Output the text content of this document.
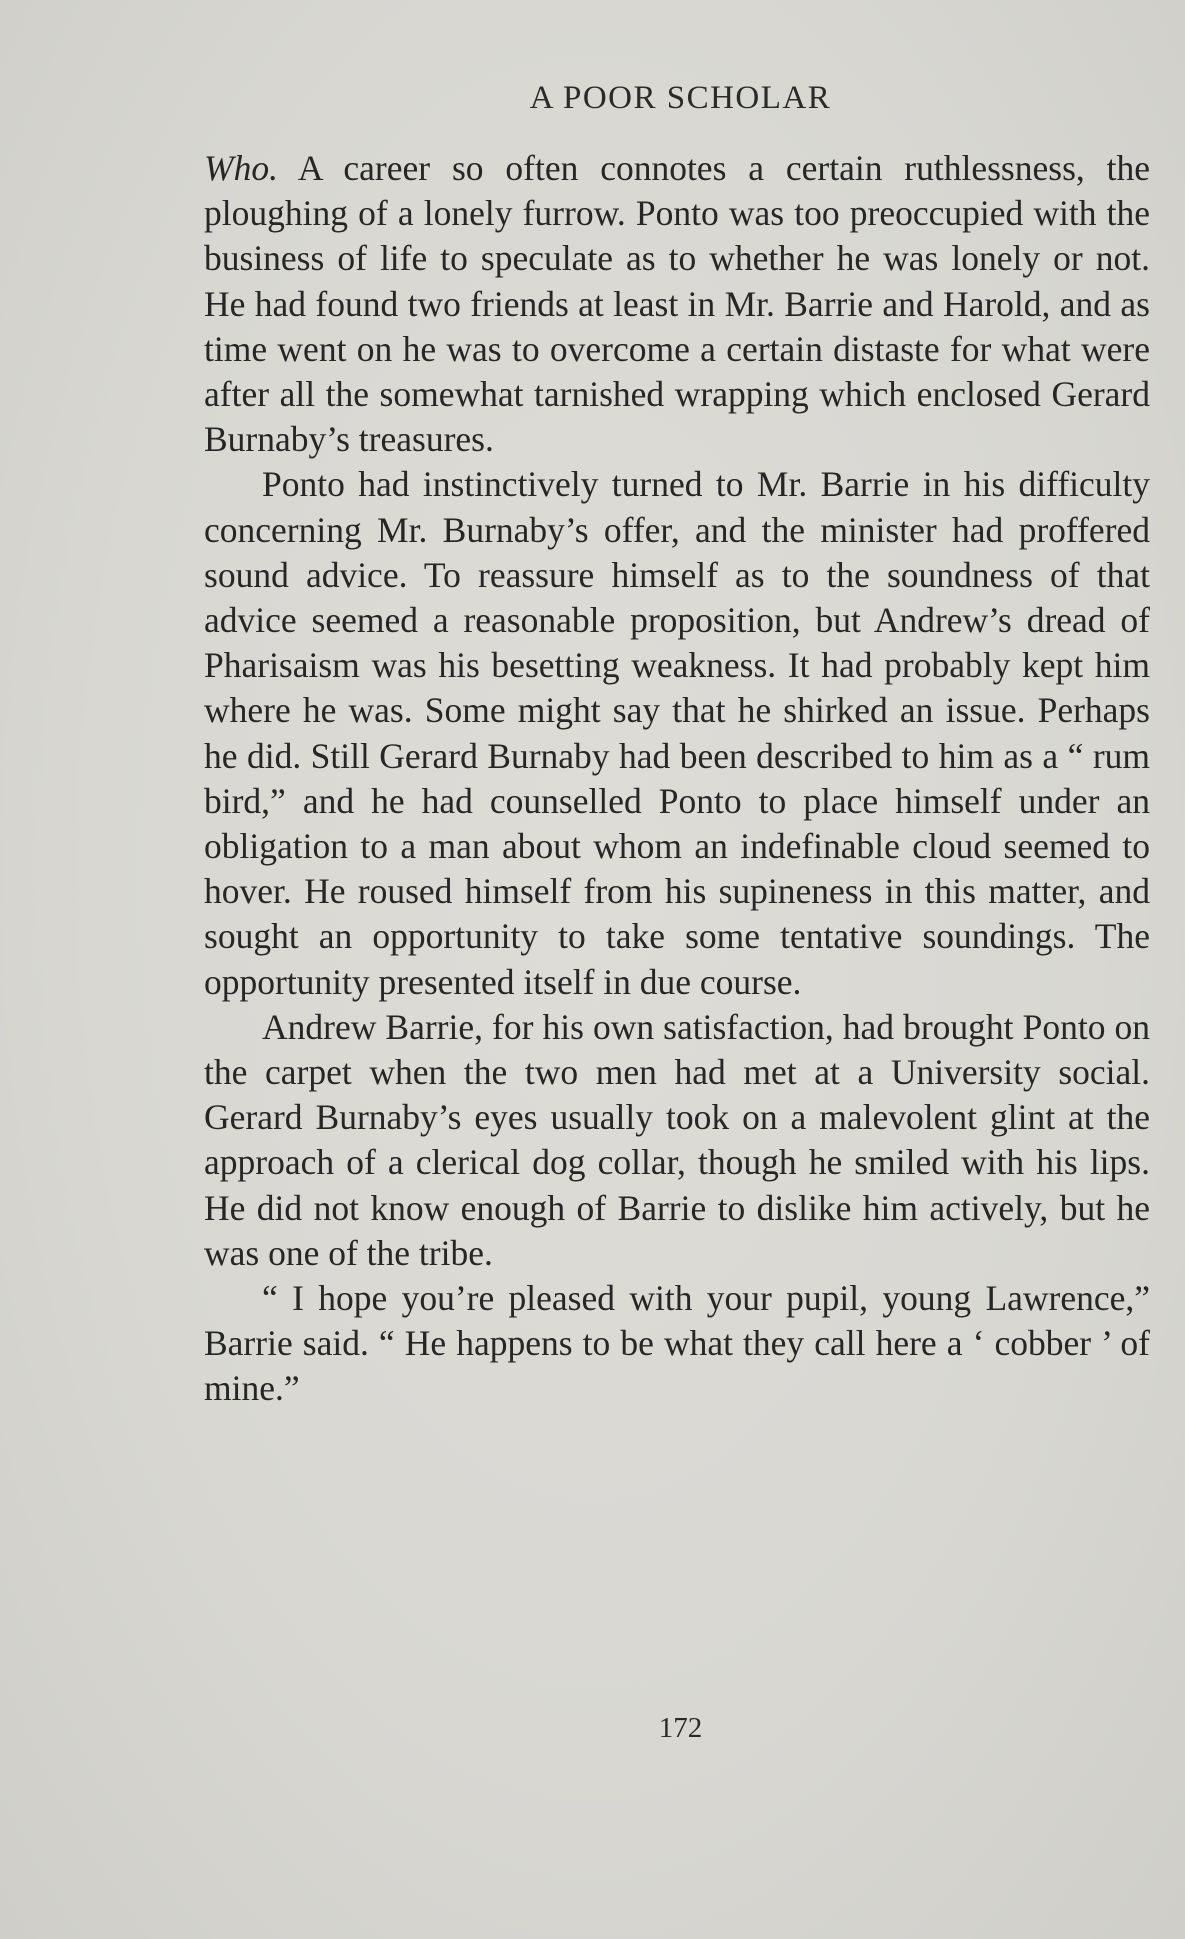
A POOR SCHOLAR

Who. A career so often connotes a certain ruthlessness, the ploughing of a lonely furrow. Ponto was too preoccupied with the business of life to speculate as to whether he was lonely or not. He had found two friends at least in Mr. Barrie and Harold, and as time went on he was to overcome a certain distaste for what were after all the somewhat tarnished wrapping which enclosed Gerard Burnaby’s treasures.

Ponto had instinctively turned to Mr. Barrie in his difficulty concerning Mr. Burnaby’s offer, and the minister had proffered sound advice. To reassure himself as to the soundness of that advice seemed a reasonable proposition, but Andrew’s dread of Pharisaism was his besetting weakness. It had probably kept him where he was. Some might say that he shirked an issue. Perhaps he did. Still Gerard Burnaby had been described to him as a “ rum bird,” and he had counselled Ponto to place himself under an obligation to a man about whom an indefinable cloud seemed to hover. He roused himself from his supineness in this matter, and sought an opportunity to take some tentative soundings. The opportunity presented itself in due course.

Andrew Barrie, for his own satisfaction, had brought Ponto on the carpet when the two men had met at a University social. Gerard Burnaby’s eyes usually took on a malevolent glint at the approach of a clerical dog collar, though he smiled with his lips. He did not know enough of Barrie to dislike him actively, but he was one of the tribe.

“ I hope you’re pleased with your pupil, young Lawrence,” Barrie said. “ He happens to be what they call here a ‘ cobber ’ of mine.”

172
